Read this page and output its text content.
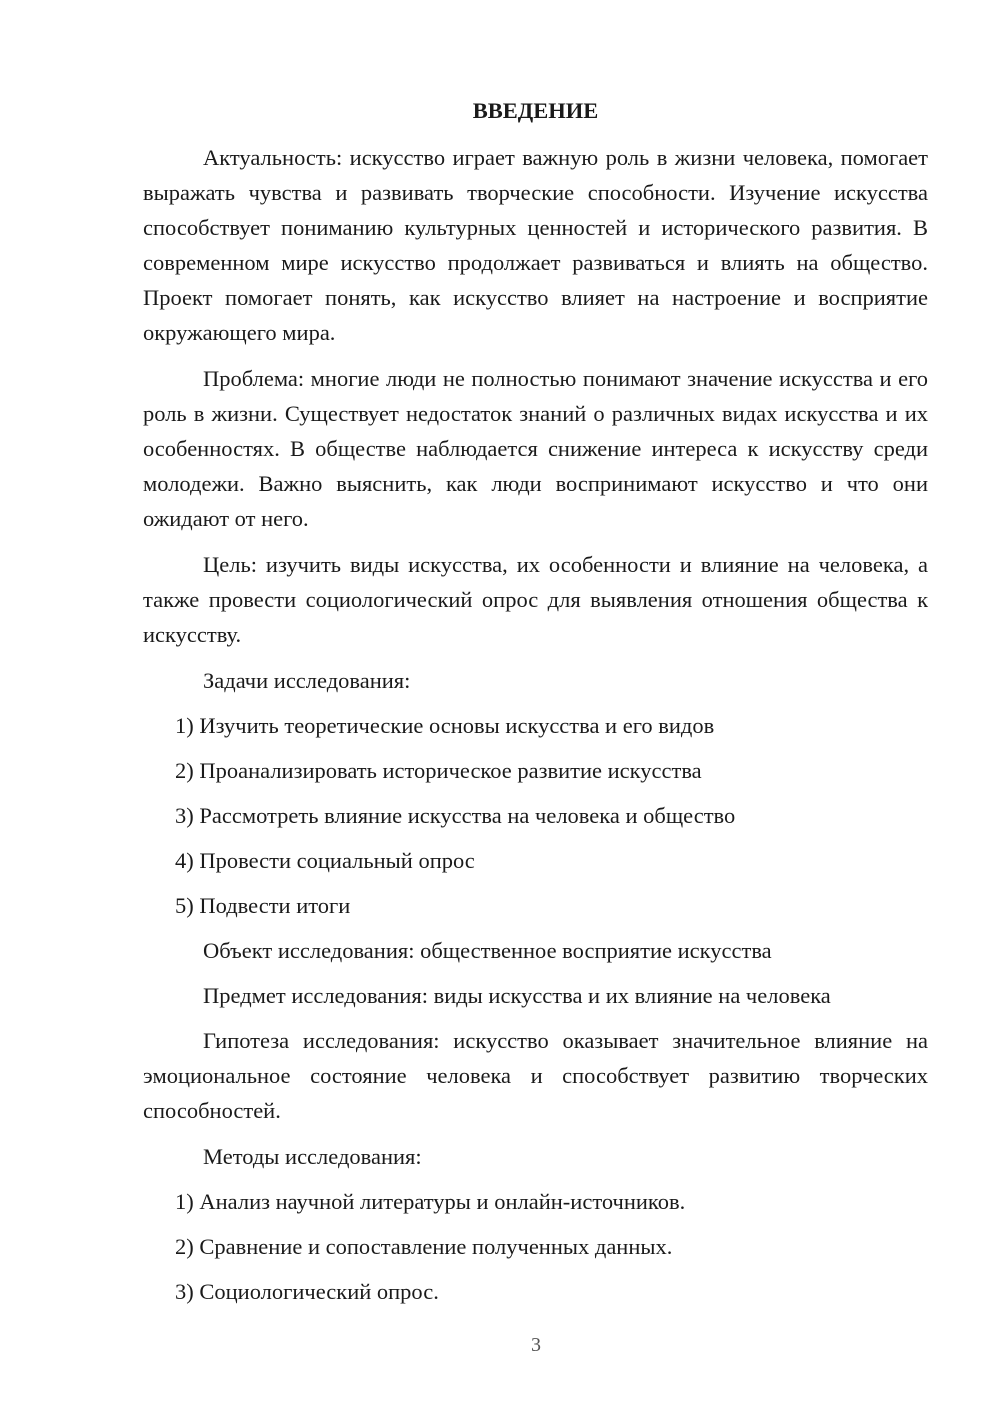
ВВЕДЕНИЕ

Актуальность: искусство играет важную роль в жизни человека, помогает выражать чувства и развивать творческие способности. Изучение искусства способствует пониманию культурных ценностей и исторического развития. В современном мире искусство продолжает развиваться и влиять на общество. Проект помогает понять, как искусство влияет на настроение и восприятие окружающего мира.

Проблема: многие люди не полностью понимают значение искусства и его роль в жизни. Существует недостаток знаний о различных видах искусства и их особенностях. В обществе наблюдается снижение интереса к искусству среди молодежи. Важно выяснить, как люди воспринимают искусство и что они ожидают от него.

Цель: изучить виды искусства, их особенности и влияние на человека, а также провести социологический опрос для выявления отношения общества к искусству.

Задачи исследования:
1) Изучить теоретические основы искусства и его видов
2) Проанализировать историческое развитие искусства
3) Рассмотреть влияние искусства на человека и общество
4) Провести социальный опрос
5) Подвести итоги
Объект исследования: общественное восприятие искусства
Предмет исследования: виды искусства и их влияние на человека

Гипотеза исследования: искусство оказывает значительное влияние на эмоциональное состояние человека и способствует развитию творческих способностей.

Методы исследования:
1) Анализ научной литературы и онлайн-источников.
2) Сравнение и сопоставление полученных данных.
3) Социологический опрос.
3
